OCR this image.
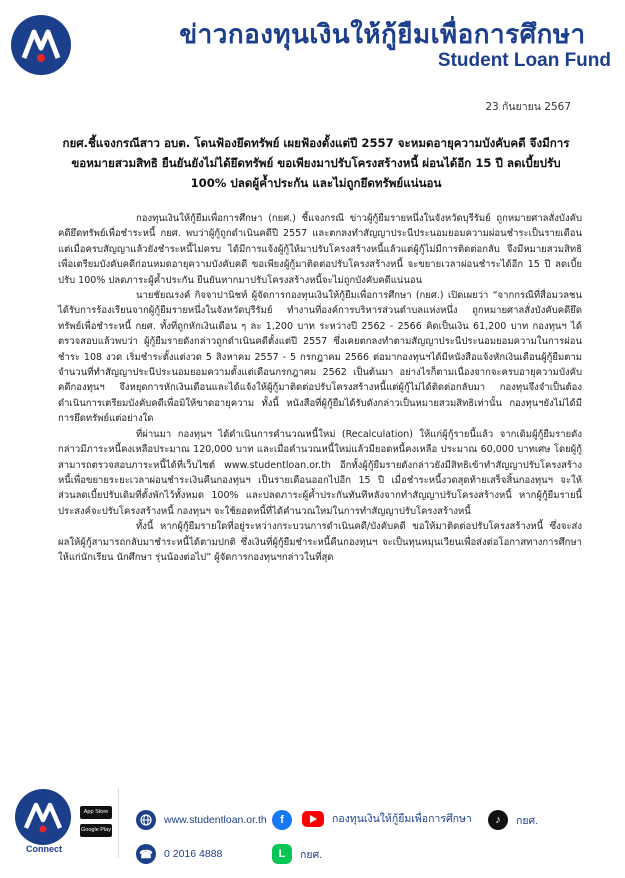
ข่าวกองทุนเงินให้กู้ยืมเพื่อการศึกษา
Student Loan Fund
23 กันยายน 2567
กยศ.ชี้แจงกรณีสาว อบต. โดนฟ้องยึดทรัพย์ เผยฟ้องตั้งแต่ปี 2557 จะหมดอายุความบังคับคดี จึงมีการขอหมายสวมสิทธิ ยืนยันยังไม่ได้ยึดทรัพย์ ขอเพียงมาปรับโครงสร้างหนี้ ผ่อนได้อีก 15 ปี ลดเบี้ยปรับ 100% ปลดผู้ค้ำประกัน และไม่ถูกยึดทรัพย์แน่นอน

กองทุนเงินให้กู้ยืมเพื่อการศึกษา (กยศ.) ชี้แจงกรณี ข่าวผู้กู้ยืมรายหนึ่งในจังหวัดบุรีรัมย์ ถูกหมายศาลสั่งบังคับคดียึดทรัพย์เพื่อชำระหนี้ กยศ. พบว่าผู้กู้ถูกดำเนินคดีปี 2557 และตกลงทำสัญญาประนีประนอมยอมความผ่อนชำระเป็นรายเดือน แต่เมื่อครบสัญญาแล้วยังชำระหนี้ไม่ครบ ได้มีการแจ้งผู้กู้ให้มาปรับโครงสร้างหนี้แล้วแต่ผู้กู้ไม่มีการติดต่อกลับ จึงมีหมายสวมสิทธิเพื่อเตรียมบังคับคดีก่อนหมดอายุความบังคับคดี ขอเพียงผู้กู้มาติดต่อปรับโครงสร้างหนี้ จะขยายเวลาผ่อนชำระได้อีก 15 ปี ลดเบี้ยปรับ 100% ปลดภาระผู้ค้ำประกัน ยืนยันหากมาปรับโครงสร้างหนี้จะไม่ถูกบังคับคดีแน่นอน

นายชัยณรงค์ กิจจาปานิชท์ ผู้จัดการกองทุนเงินให้กู้ยืมเพื่อการศึกษา (กยศ.) เปิดเผยว่า “จากกรณีที่สื่อมวลชนได้รับการร้องเรียนจากผู้กู้ยืมรายหนึ่งในจังหวัดบุรีรัมย์ ทำงานที่องค์การบริหารส่วนตำบลแห่งหนึ่ง ถูกหมายศาลสั่งบังคับคดียึดทรัพย์เพื่อชำระหนี้ กยศ. ทั้งที่ถูกหักเงินเดือน ๆ ละ 1,200 บาท ระหว่างปี 2562 - 2566 คิดเป็นเงิน 61,200 บาท กองทุนฯ ได้ตรวจสอบแล้วพบว่า ผู้กู้ยืมรายดังกล่าวถูกดำเนินคดีตั้งแต่ปี 2557 ซึ่งเคยตกลงทำตามสัญญาประนีประนอมยอมความในการผ่อนชำระ 108 งวด เริ่มชำระตั้งแต่งวด 5 สิงหาคม 2557 - 5 กรกฎาคม 2566 ต่อมากองทุนฯได้มีหนังสือแจ้งหักเงินเดือนผู้กู้ยืมตามจำนวนที่ทำสัญญาประนีประนอมยอมความตั้งแต่เดือนกรกฎาคม 2562 เป็นต้นมา อย่างไรก็ตามเนื่องจากจะครบอายุความบังคับคดีกองทุนฯ จึงหยุดการหักเงินเดือนและได้แจ้งให้ผู้กู้มาติดต่อปรับโครงสร้างหนี้แต่ผู้กู้ไม่ได้ติดต่อกลับมา กองทุนจึงจำเป็นต้องดำเนินการเตรียมบังคับคดีเพื่อมิให้ขาดอายุความ ทั้งนี้ หนังสือที่ผู้กู้ยืมได้รับดังกล่าวเป็นหมายสวมสิทธิเท่านั้น กองทุนฯยังไม่ได้มีการยึดทรัพย์แต่อย่างใด

ที่ผ่านมา กองทุนฯ ได้ดำเนินการคำนวณหนี้ใหม่ (Recalculation) ให้แก่ผู้กู้รายนี้แล้ว จากเดิมผู้กู้ยืมรายดังกล่าวมีภาระหนี้คงเหลือประมาณ 120,000 บาท และเมื่อคำนวณหนี้ใหม่แล้วมียอดหนี้คงเหลือ ประมาณ 60,000 บาทเศษ โดยผู้กู้สามารถตรวจสอบภาระหนี้ได้ที่เว็บไซต์ www.studentloan.or.th อีกทั้งผู้กู้ยืมรายดังกล่าวยังมีสิทธิเข้าทำสัญญาปรับโครงสร้างหนี้เพื่อขยายระยะเวลาผ่อนชำระเงินคืนกองทุนฯ เป็นรายเดือนออกไปอีก 15 ปี เมื่อชำระหนี้งวดสุดท้ายเสร็จสิ้นกองทุนฯ จะให้ส่วนลดเบี้ยปรับเดิมที่ตั้งพักไว้ทั้งหมด 100% และปลดภาระผู้ค้ำประกันทันทีหลังจากทำสัญญาปรับโครงสร้างหนี้ หากผู้กู้ยืมรายนี้ประสงค์จะปรับโครงสร้างหนี้ กองทุนฯ จะใช้ยอดหนี้ที่ได้คำนวณใหม่ในการทำสัญญาปรับโครงสร้างหนี้

ทั้งนี้ หากผู้กู้ยืมรายใดที่อยู่ระหว่างกระบวนการดำเนินคดี/บังคับคดี ขอให้มาติดต่อปรับโครงสร้างหนี้ ซึ่งจะส่งผลให้ผู้กู้สามารถกลับมาชำระหนี้ได้ตามปกติ ซึ่งเงินที่ผู้กู้ยืมชำระหนี้คืนกองทุนฯ จะเป็นทุนหมุนเวียนเพื่อส่งต่อโอกาสทางการศึกษาให้แก่นักเรียน นักศึกษา รุ่นน้องต่อไป” ผู้จัดการกองทุนฯกล่าวในที่สุด

Connect
App Store
Google Play
www.studentloan.or.th	f	กองทุนเงินให้กู้ยืมเพื่อการศึกษา	♪	กยศ.
☎	0 2016 4888	L	กยศ.
